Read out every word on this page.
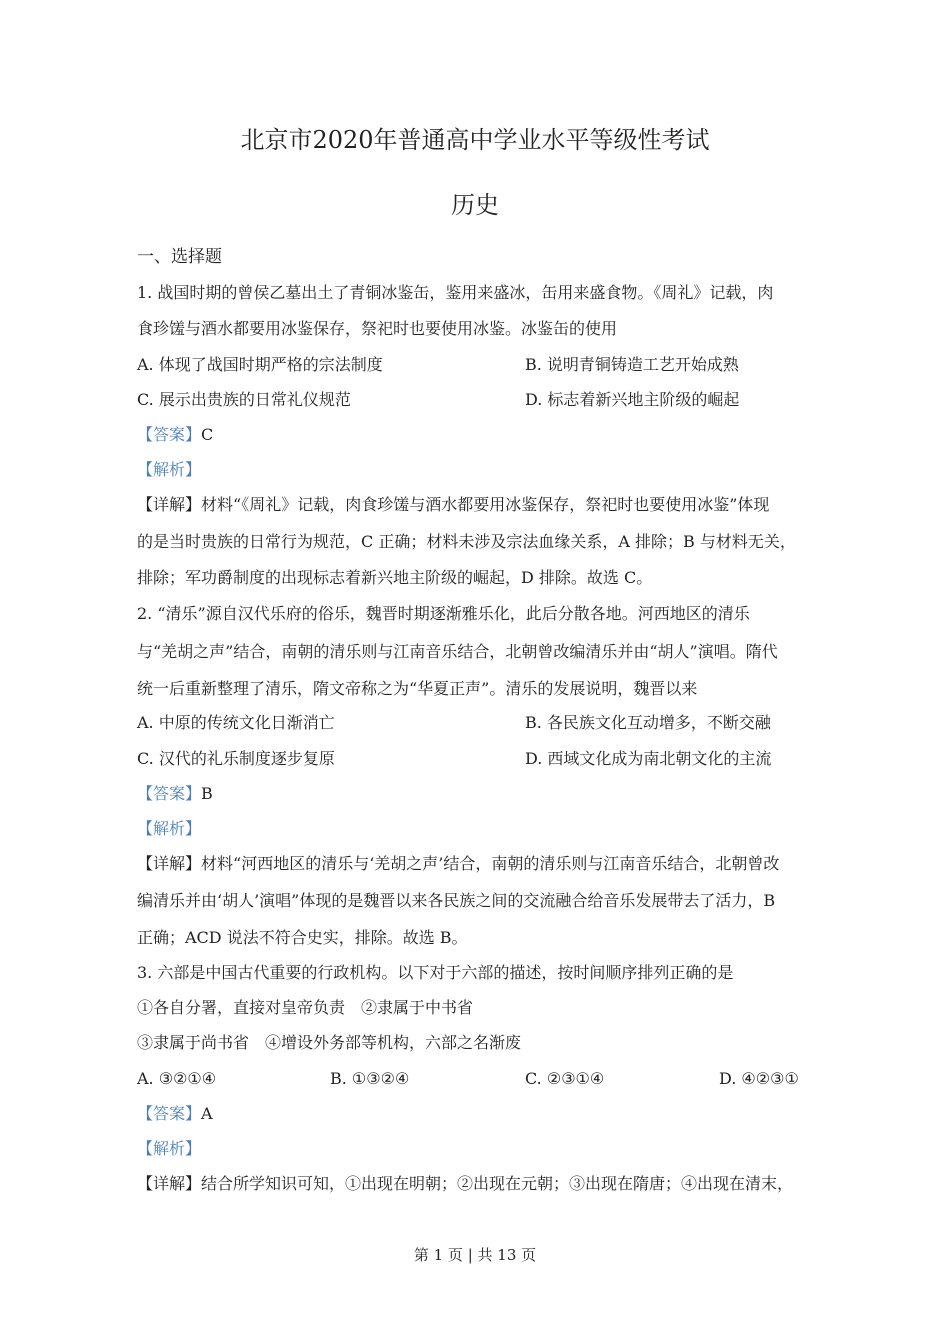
北京市2020年普通高中学业水平等级性考试
历史
一、选择题
1. 战国时期的曾侯乙墓出土了青铜冰鉴缶，鉴用来盛冰，缶用来盛食物。《周礼》记载，肉
食珍馐与酒水都要用冰鉴保存，祭祀时也要使用冰鉴。冰鉴缶的使用
A. 体现了战国时期严格的宗法制度	B. 说明青铜铸造工艺开始成熟
C. 展示出贵族的日常礼仪规范	D. 标志着新兴地主阶级的崛起
【答案】C
【解析】
【详解】材料“《周礼》记载，肉食珍馐与酒水都要用冰鉴保存，祭祀时也要使用冰鉴”体现
的是当时贵族的日常行为规范，C 正确；材料未涉及宗法血缘关系，A 排除；B 与材料无关，
排除；军功爵制度的出现标志着新兴地主阶级的崛起，D 排除。故选 C。
2. “清乐”源自汉代乐府的俗乐，魏晋时期逐渐雅乐化，此后分散各地。河西地区的清乐
与“羌胡之声”结合，南朝的清乐则与江南音乐结合，北朝曾改编清乐并由“胡人”演唱。隋代
统一后重新整理了清乐，隋文帝称之为“华夏正声”。清乐的发展说明，魏晋以来
A. 中原的传统文化日渐消亡	B. 各民族文化互动增多，不断交融
C. 汉代的礼乐制度逐步复原	D. 西域文化成为南北朝文化的主流
【答案】B
【解析】
【详解】材料“河西地区的清乐与‘羌胡之声’结合，南朝的清乐则与江南音乐结合，北朝曾改
编清乐并由‘胡人’演唱”体现的是魏晋以来各民族之间的交流融合给音乐发展带去了活力，B
正确；ACD 说法不符合史实，排除。故选 B。
3. 六部是中国古代重要的行政机构。以下对于六部的描述，按时间顺序排列正确的是
①各自分署，直接对皇帝负责　②隶属于中书省
③隶属于尚书省　④增设外务部等机构，六部之名渐废
A. ③②①④	B. ①③②④	C. ②③①④	D. ④②③①
【答案】A
【解析】
【详解】结合所学知识可知，①出现在明朝；②出现在元朝；③出现在隋唐；④出现在清末，
第 1 页 | 共 13 页
